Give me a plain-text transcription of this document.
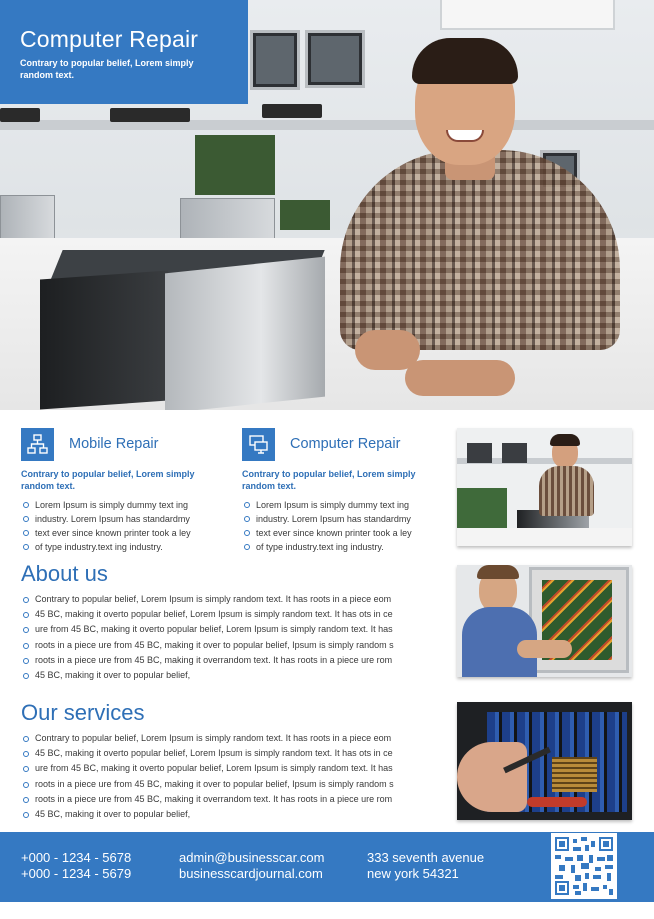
Computer Repair
Contrary to popular belief, Lorem simply random text.
Mobile Repair
Contrary to popular belief, Lorem simply random text.
Lorem Ipsum is simply dummy text ing
industry. Lorem Ipsum has standardmy
text ever since known printer took a ley
of type industry.text ing industry.
Computer Repair
Contrary to popular belief, Lorem simply random text.
Lorem Ipsum is simply dummy text ing
industry. Lorem Ipsum has standardmy
text ever since known printer took a ley
of type industry.text ing industry.
About us
Contrary to popular belief, Lorem Ipsum is simply random text. It has roots in a piece eom
45 BC, making it overto popular belief, Lorem Ipsum is simply random text. It has ots in ce
ure from 45 BC, making it overto popular belief, Lorem Ipsum is simply random text. It has
roots in a piece ure from 45 BC, making it over to popular belief, Ipsum is simply random s
roots in a piece ure from 45 BC, making it overrandom text. It has roots in a piece ure rom
45 BC, making it over to popular belief,
Our services
Contrary to popular belief, Lorem Ipsum is simply random text. It has roots in a piece eom
45 BC, making it overto popular belief, Lorem Ipsum is simply random text. It has ots in ce
ure from 45 BC, making it overto popular belief, Lorem Ipsum is simply random text. It has
roots in a piece ure from 45 BC, making it over to popular belief, Ipsum is simply random s
roots in a piece ure from 45 BC, making it overrandom text. It has roots in a piece ure rom
45 BC, making it over to popular belief,
+000 - 1234 - 5678
+000 - 1234 - 5679
admin@businesscar.com
businesscardjournal.com
333 seventh avenue
new york 54321
